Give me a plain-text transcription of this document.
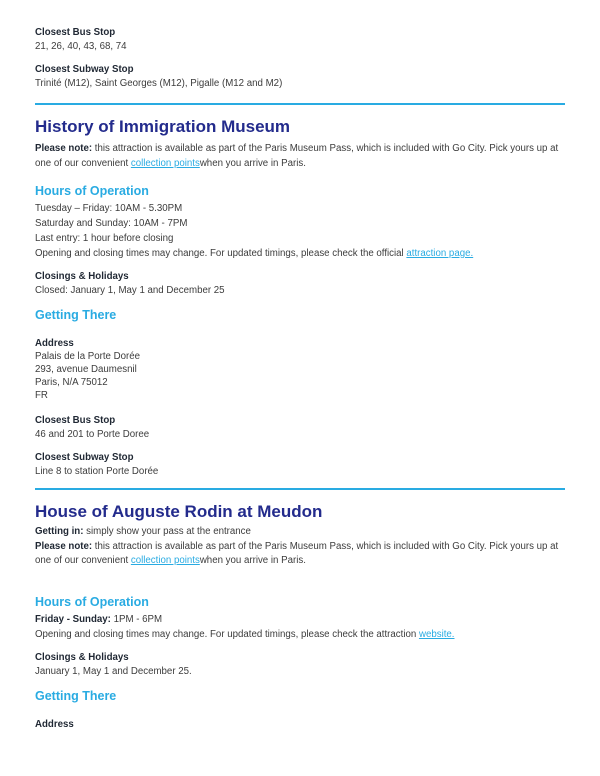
Closest Bus Stop
21, 26, 40, 43, 68, 74
Closest Subway Stop
Trinité (M12), Saint Georges (M12), Pigalle (M12 and M2)
History of Immigration Museum

Please note: this attraction is available as part of the Paris Museum Pass, which is included with Go City. Pick yours up at one of our convenient collection pointswhen you arrive in Paris.

Hours of Operation
Tuesday – Friday: 10AM - 5.30PM
Saturday and Sunday: 10AM - 7PM
Last entry: 1 hour before closing
Opening and closing times may change. For updated timings, please check the official attraction page.
Closings & Holidays
Closed: January 1, May 1 and December 25
Getting There
Address
Palais de la Porte Dorée
293, avenue Daumesnil
Paris, N/A 75012
FR
Closest Bus Stop
46 and 201 to Porte Doree
Closest Subway Stop
Line 8 to station Porte Dorée
House of Auguste Rodin at Meudon

Getting in: simply show your pass at the entrance

Please note: this attraction is available as part of the Paris Museum Pass, which is included with Go City. Pick yours up at one of our convenient collection pointswhen you arrive in Paris.

Hours of Operation
Friday - Sunday: 1PM - 6PM
Opening and closing times may change. For updated timings, please check the attraction website.
Closings & Holidays
January 1, May 1 and December 25.
Getting There
Address
